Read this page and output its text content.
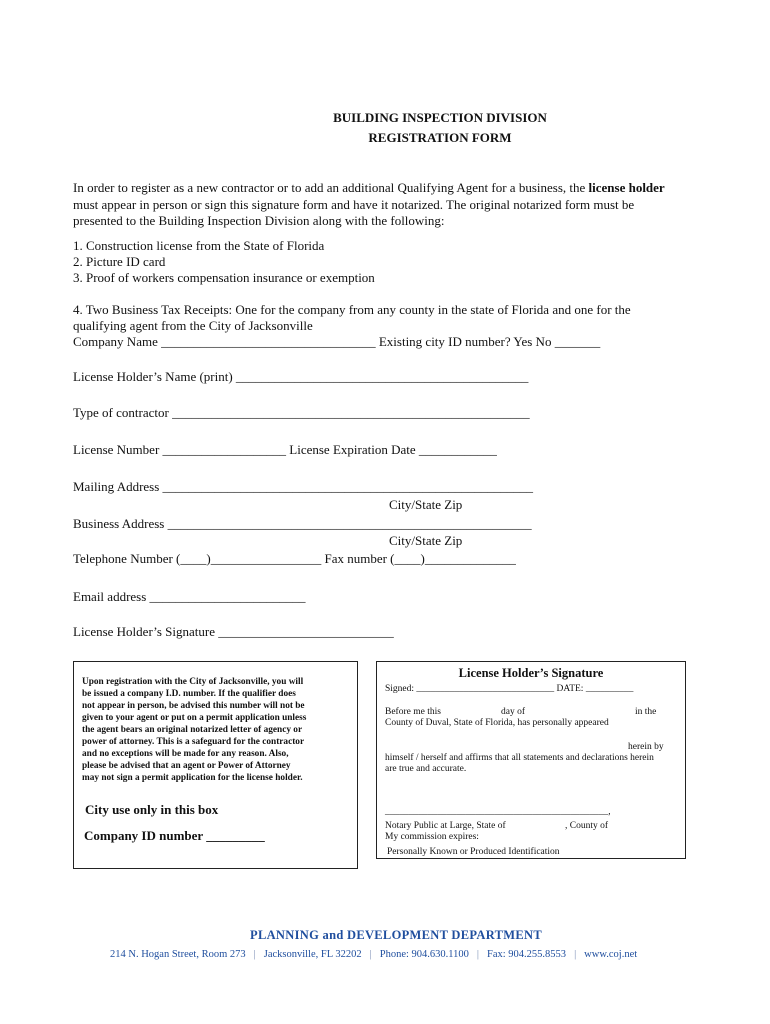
BUILDING INSPECTION DIVISION
REGISTRATION FORM
In order to register as a new contractor or to add an additional Qualifying Agent for a business, the license holder must appear in person or sign this signature form and have it notarized. The original notarized form must be presented to the Building Inspection Division along with the following:
1. Construction license from the State of Florida
2. Picture ID card
3. Proof of workers compensation insurance or exemption
4. Two Business Tax Receipts: One for the company from any county in the state of Florida and one for the
qualifying agent from the City of Jacksonville
Company Name _________________________________ Existing city ID number? Yes No _______
License Holder’s Name (print) _____________________________________________
Type of contractor _______________________________________________________
License Number ___________________ License Expiration Date ____________
Mailing Address _________________________________________________________
City/State Zip
Business Address ________________________________________________________
City/State Zip
Telephone Number (____)_________________ Fax number (____)______________
Email address ________________________
License Holder’s Signature ___________________________
Upon registration with the City of Jacksonville, you will
be issued a company I.D. number. If the qualifier does
not appear in person, be advised this number will not be
given to your agent or put on a permit application unless
the agent bears an original notarized letter of agency or
power of attorney. This is a safeguard for the contractor
and no exceptions will be made for any reason. Also,
please be advised that an agent or Power of Attorney
may not sign a permit application for the license holder.
City use only in this box
Company ID number _________
License Holder’s Signature
Signed: _____________________________ DATE: __________
Before me this	day of	in the
County of Duval, State of Florida, has personally appeared
herein by
himself / herself and affirms that all statements and declarations herein
are true and accurate.
_______________________________________________,
Notary Public at Large, State of	, County of
My commission expires:
Personally Known or Produced Identification
PLANNING and DEVELOPMENT DEPARTMENT
214 N. Hogan Street, Room 273 | Jacksonville, FL 32202 | Phone: 904.630.1100 | Fax: 904.255.8553 | www.coj.net
